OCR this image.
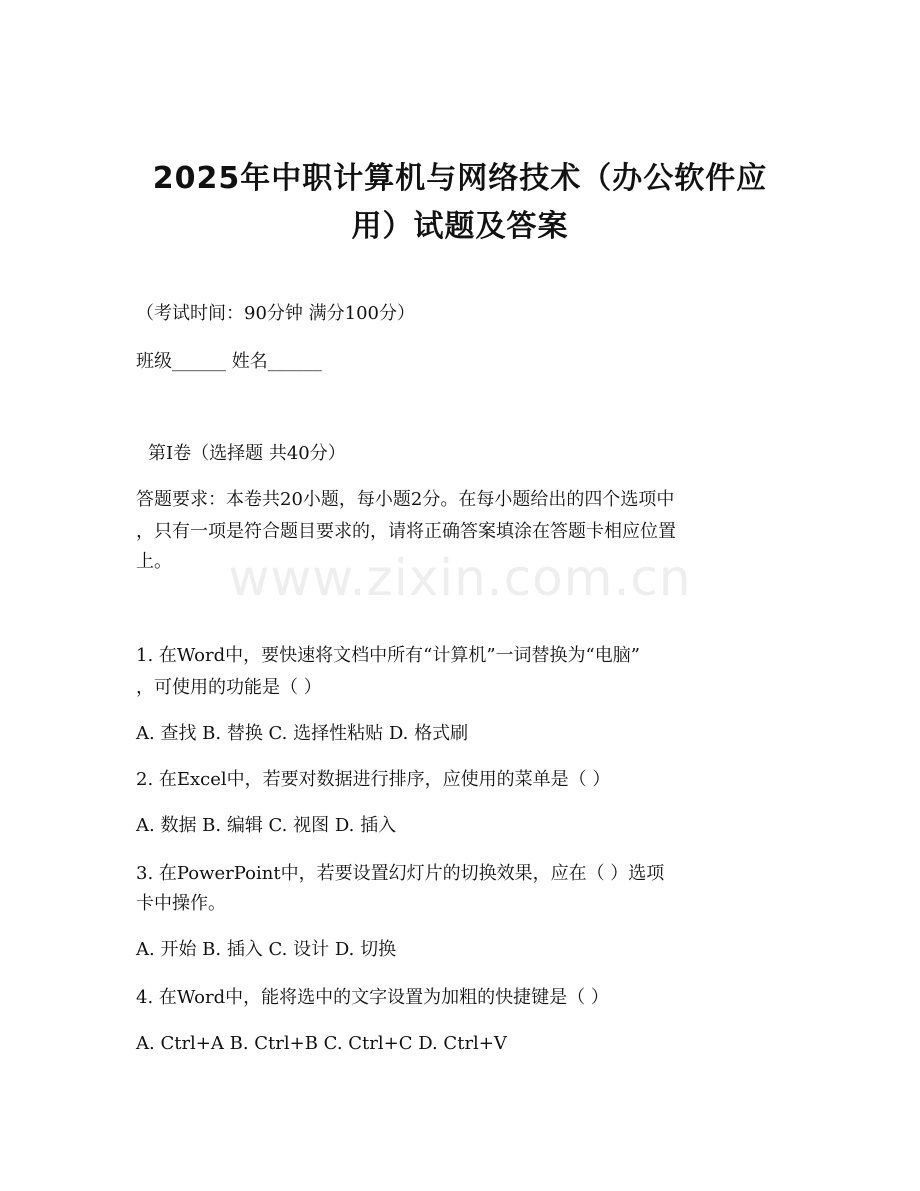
2025年中职计算机与网络技术（办公软件应
用）试题及答案
（考试时间：90分钟 满分100分）
班级______ 姓名______
第Ⅰ卷（选择题 共40分）
答题要求：本卷共20小题，每小题2分。在每小题给出的四个选项中
，只有一项是符合题目要求的，请将正确答案填涂在答题卡相应位置
上。	www.zixin.com.cn
1. 在Word中，要快速将文档中所有“计算机”一词替换为“电脑”
，可使用的功能是（ ）
A. 查找 B. 替换 C. 选择性粘贴 D. 格式刷
2. 在Excel中，若要对数据进行排序，应使用的菜单是（ ）
A. 数据 B. 编辑 C. 视图 D. 插入
3. 在PowerPoint中，若要设置幻灯片的切换效果，应在（ ）选项
卡中操作。
A. 开始 B. 插入 C. 设计 D. 切换
4. 在Word中，能将选中的文字设置为加粗的快捷键是（ ）
A. Ctrl+A B. Ctrl+B C. Ctrl+C D. Ctrl+V
